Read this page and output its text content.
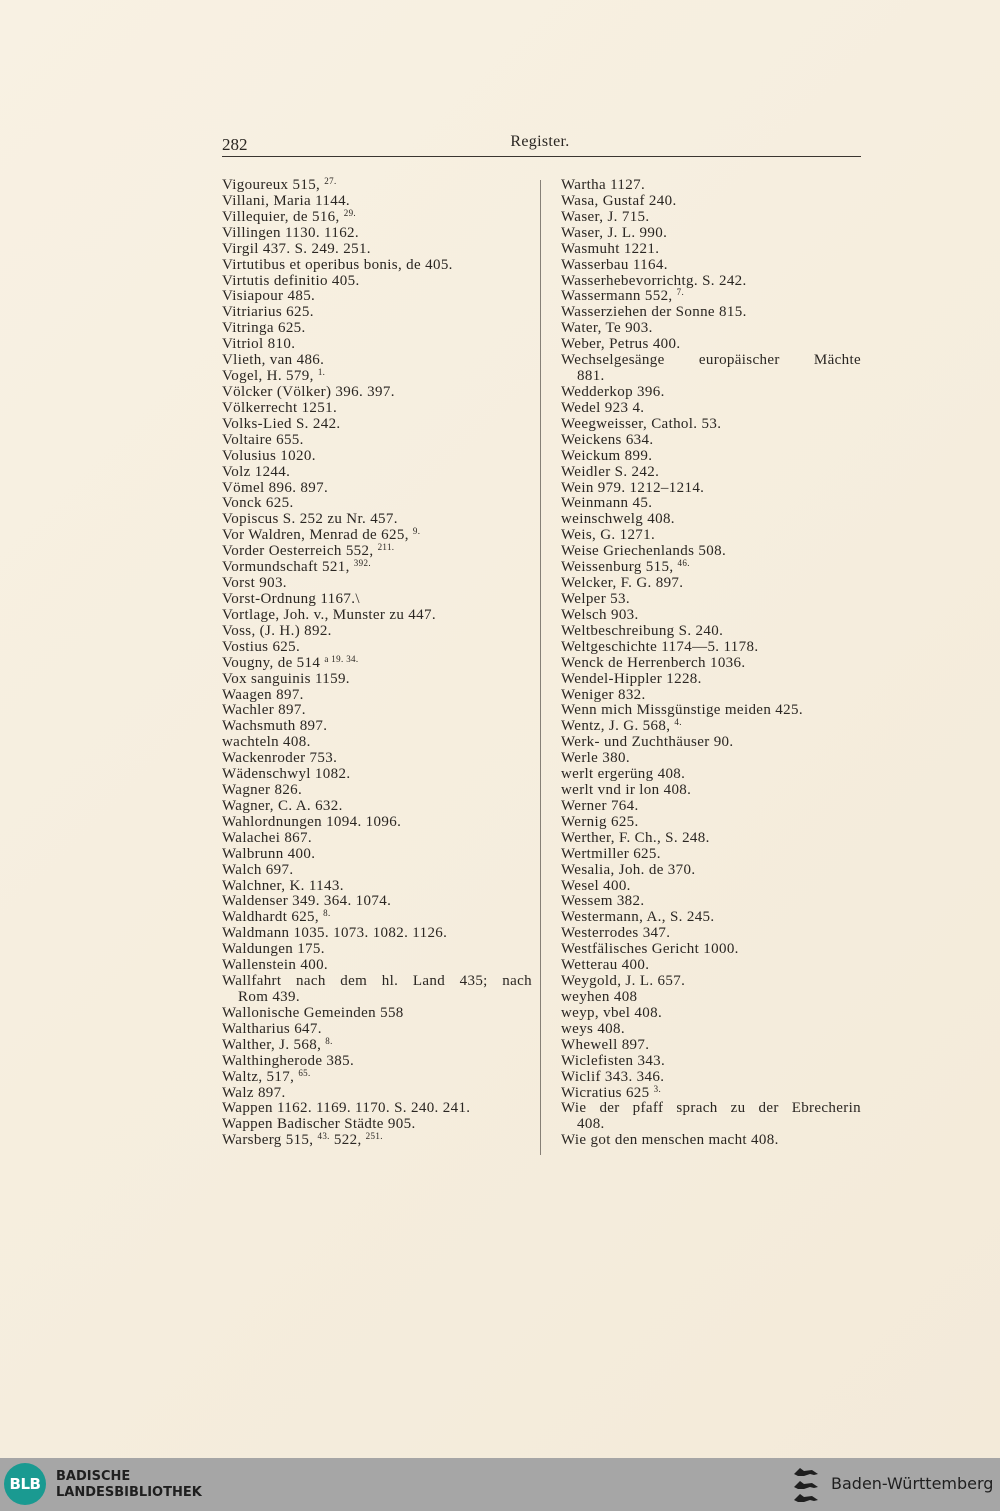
282	Register.
Vigoureux 515, $^{27.}$
Villani, Maria 1144.
Villequier, de 516, $^{29.}$
Villingen 1130. 1162.
Virgil 437. S. 249. 251.
Virtutibus et operibus bonis, de 405.
Virtutis definitio 405.
Visiapour 485.
Vitriarius 625.
Vitringa 625.
Vitriol 810.
Vlieth, van 486.
Vogel, H. 579, $^{1.}$
Völcker (Völker) 396. 397.
Völkerrecht 1251.
Volks-Lied S. 242.
Voltaire 655.
Volusius 1020.
Volz 1244.
Vömel 896. 897.
Vonck 625.
Vopiscus S. 252 zu Nr. 457.
Vor Waldren, Menrad de 625, $^{9.}$
Vorder Oesterreich 552, $^{211.}$
Vormundschaft 521, $^{392.}$
Vorst 903.
Vorst-Ordnung 1167.\
Vortlage, Joh. v., Munster zu 447.
Voss, (J. H.) 892.
Vostius 625.
Vougny, de 514 $^{a 19. 34.}$
Vox sanguinis 1159.
Waagen 897.
Wachler 897.
Wachsmuth 897.
wachteln 408.
Wackenroder 753.
Wädenschwyl 1082.
Wagner 826.
Wagner, C. A. 632.
Wahlordnungen 1094. 1096.
Walachei 867.
Walbrunn 400.
Walch 697.
Walchner, K. 1143.
Waldenser 349. 364. 1074.
Waldhardt 625, $^{8.}$
Waldmann 1035. 1073. 1082. 1126.
Waldungen 175.
Wallenstein 400.
Wallfahrt nach dem hl. Land 435; nach
Rom 439.
Wallonische Gemeinden 558
Waltharius 647.
Walther, J. 568, $^{8.}$
Walthingherode 385.
Waltz, 517, $^{65.}$
Walz 897.
Wappen 1162. 1169. 1170. S. 240. 241.
Wappen Badischer Städte 905.
Warsberg 515, $^{43.}$ 522, $^{251.}$
Wartha 1127.
Wasa, Gustaf 240.
Waser, J. 715.
Waser, J. L. 990.
Wasmuht 1221.
Wasserbau 1164.
Wasserhebevorrichtg. S. 242.
Wassermann 552, $^{7.}$
Wasserziehen der Sonne 815.
Water, Te 903.
Weber, Petrus 400.
Wechselgesänge europäischer Mächte
881.
Wedderkop 396.
Wedel 923 4.
Weegweisser, Cathol. 53.
Weickens 634.
Weickum 899.
Weidler S. 242.
Wein 979. 1212–1214.
Weinmann 45.
weinschwelg 408.
Weis, G. 1271.
Weise Griechenlands 508.
Weissenburg 515, $^{46.}$
Welcker, F. G. 897.
Welper 53.
Welsch 903.
Weltbeschreibung S. 240.
Weltgeschichte 1174—5. 1178.
Wenck de Herrenberch 1036.
Wendel-Hippler 1228.
Weniger 832.
Wenn mich Missgünstige meiden 425.
Wentz, J. G. 568, $^{4.}$
Werk- und Zuchthäuser 90.
Werle 380.
werlt ergerüng 408.
werlt vnd ir lon 408.
Werner 764.
Wernig 625.
Werther, F. Ch., S. 248.
Wertmiller 625.
Wesalia, Joh. de 370.
Wesel 400.
Wessem 382.
Westermann, A., S. 245.
Westerrodes 347.
Westfälisches Gericht 1000.
Wetterau 400.
Weygold, J. L. 657.
weyhen 408
weyp, vbel 408.
weys 408.
Whewell 897.
Wiclefisten 343.
Wiclif 343. 346.
Wicratius 625 $^{3.}$
Wie der pfaff sprach zu der Ebrecherin
408.
Wie got den menschen macht 408.
BLB	BADISCHE
LANDESBIBLIOTHEK	Baden-Württemberg
